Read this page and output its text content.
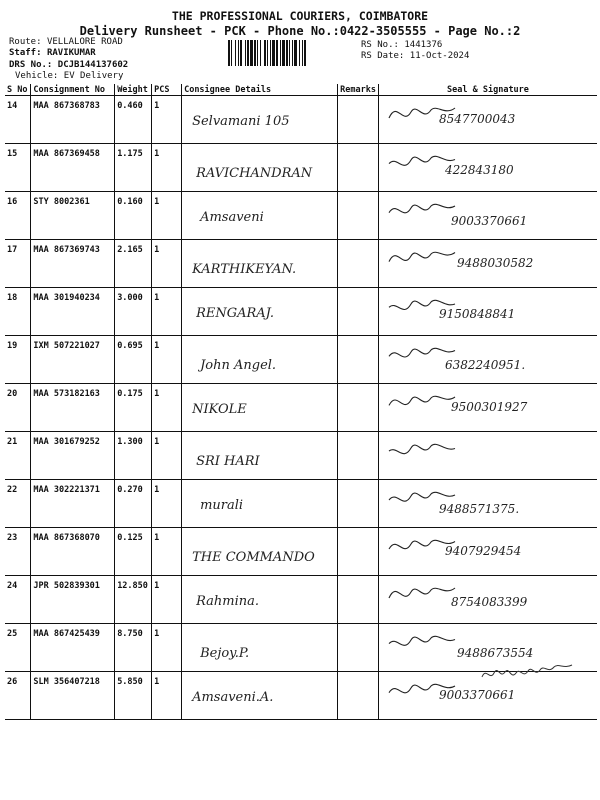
THE PROFESSIONAL COURIERS, COIMBATORE
Delivery Runsheet - PCK - Phone No.:0422-3505555 - Page No.:2
Route: VELLALORE ROAD
Staff: RAVIKUMAR
DRS No.: DCJB144137602
Vehicle: EV Delivery
RS No.: 1441376
RS Date: 11-Oct-2024
S No	Consignment No	Weight	PCS	Consignee Details	Remarks	Seal & Signature
14	MAA 867368783	0.460	1	Selvamani 105		8547700043

15	MAA 867369458	1.175	1	RAVICHANDRAN		422843180

16	STY 8002361	0.160	1	Amsaveni		9003370661

17	MAA 867369743	2.165	1	KARTHIKEYAN.		9488030582

18	MAA 301940234	3.000	1	RENGARAJ.		9150848841

19	IXM 507221027	0.695	1	John Angel.		6382240951.

20	MAA 573182163	0.175	1	NIKOLE		9500301927

21	MAA 301679252	1.300	1	SRI HARI

22	MAA 302221371	0.270	1	murali		9488571375.

23	MAA 867368070	0.125	1	THE COMMANDO		9407929454

24	JPR 502839301	12.850	1	Rahmina.		8754083399

25	MAA 867425439	8.750	1	Bejoy.P.		9488673554

26	SLM 356407218	5.850	1	Amsaveni.A.		9003370661
